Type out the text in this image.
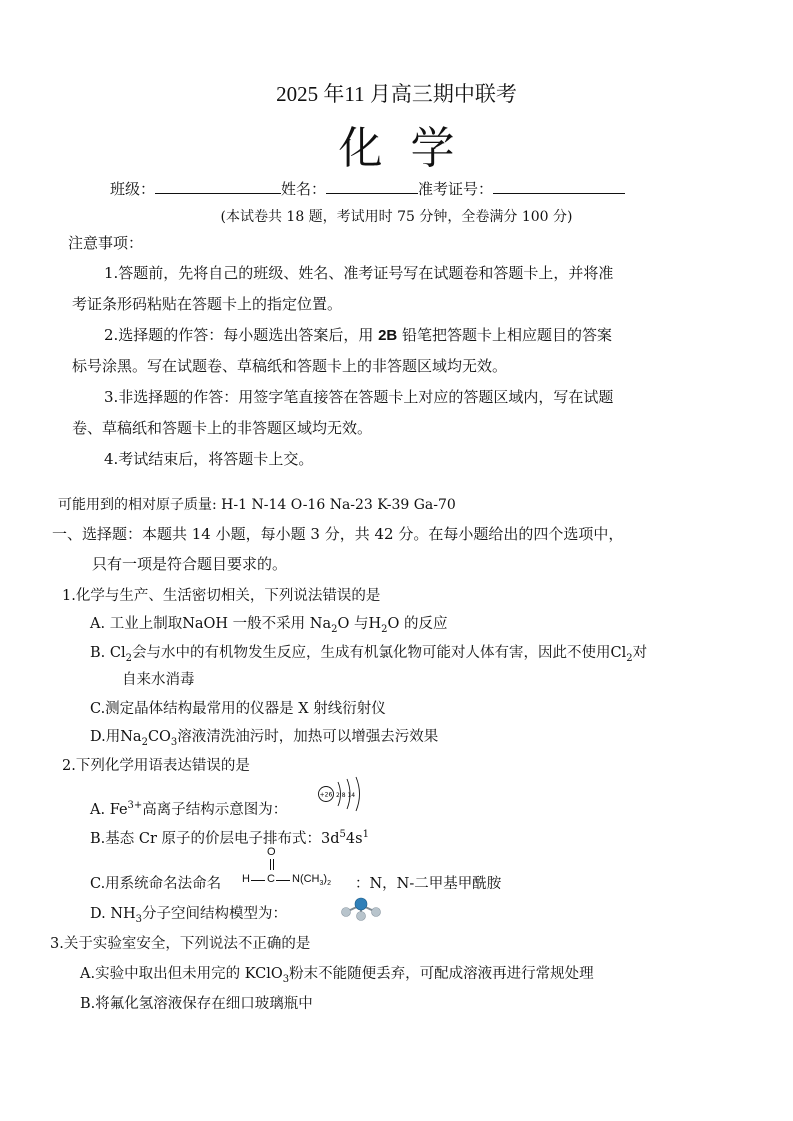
2025 年11 月高三期中联考
化学
班级：	姓名：	准考证号：
(本试卷共 18 题，考试用时 75 分钟，全卷满分 100 分)
注意事项：
1.答题前，先将自己的班级、姓名、准考证号写在试题卷和答题卡上，并将准
考证条形码粘贴在答题卡上的指定位置。
2.选择题的作答：每小题选出答案后，用 2B 铅笔把答题卡上相应题目的答案
标号涂黑。写在试题卷、草稿纸和答题卡上的非答题区域均无效。
3.非选择题的作答：用签字笔直接答在答题卡上对应的答题区域内，写在试题
卷、草稿纸和答题卡上的非答题区域均无效。
4.考试结束后，将答题卡上交。
可能用到的相对原子质量: H-1 N-14 O-16 Na-23 K-39 Ga-70
一、选择题：本题共 14 小题，每小题 3 分，共 42 分。在每小题给出的四个选项中，
只有一项是符合题目要求的。
1.化学与生产、生活密切相关，下列说法错误的是
A. 工业上制取NaOH 一般不采用 $Na_2O$ 与$H_2O$ 的反应
B. $Cl_2$会与水中的有机物发生反应，生成有机氯化物可能对人体有害，因此不使用$Cl_2$对
自来水消毒
C.测定晶体结构最常用的仪器是 X 射线衍射仪
D.用$Na_2CO_3$溶液清洗油污时，加热可以增强去污效果
2.下列化学用语表达错误的是
A. $Fe^{3+}$高离子结构示意图为：
+26 2 8 14
B.基态 Cr 原子的价层电子排布式：$3d^54s^1$
C.用系统命名法命名
O
H C $N(CH_3)_2$ ：N，N-二甲基甲酰胺
D. $NH_3$分子空间结构模型为：
3.关于实验室安全，下列说法不正确的是
A.实验中取出但未用完的 KClO$_3$粉末不能随便丢弃，可配成溶液再进行常规处理
B.将氟化氢溶液保存在细口玻璃瓶中
